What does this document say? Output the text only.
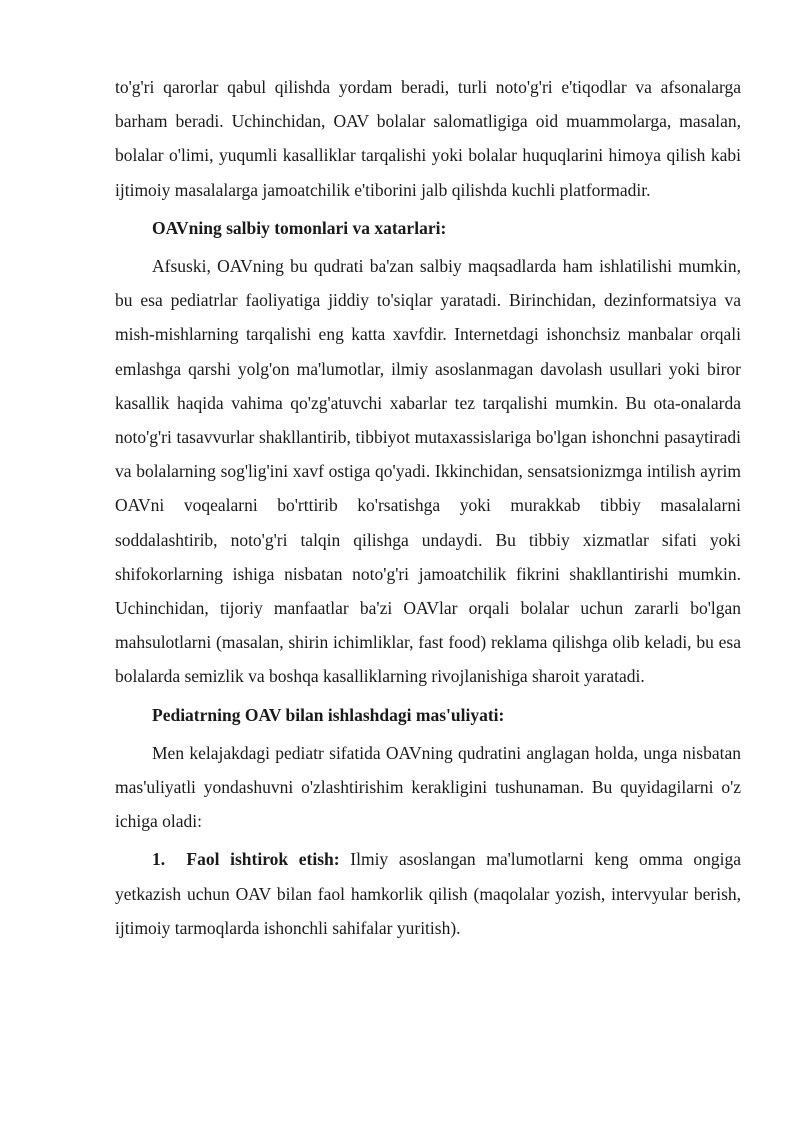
to'g'ri qarorlar qabul qilishda yordam beradi, turli noto'g'ri e'tiqodlar va afsonalarga barham beradi. Uchinchidan, OAV bolalar salomatligiga oid muammolarga, masalan, bolalar o'limi, yuqumli kasalliklar tarqalishi yoki bolalar huquqlarini himoya qilish kabi ijtimoiy masalalarga jamoatchilik e'tiborini jalb qilishda kuchli platformadir.

OAVning salbiy tomonlari va xatarlari:

Afsuski, OAVning bu qudrati ba'zan salbiy maqsadlarda ham ishlatilishi mumkin, bu esa pediatrlar faoliyatiga jiddiy to'siqlar yaratadi. Birinchidan, dezinformatsiya va mish-mishlarning tarqalishi eng katta xavfdir. Internetdagi ishonchsiz manbalar orqali emlashga qarshi yolg'on ma'lumotlar, ilmiy asoslanmagan davolash usullari yoki biror kasallik haqida vahima qo'zg'atuvchi xabarlar tez tarqalishi mumkin. Bu ota-onalarda noto'g'ri tasavvurlar shakllantirib, tibbiyot mutaxassislariga bo'lgan ishonchni pasaytiradi va bolalarning sog'lig'ini xavf ostiga qo'yadi. Ikkinchidan, sensatsionizmga intilish ayrim OAVni voqealarni bo'rttirib ko'rsatishga yoki murakkab tibbiy masalalarni soddalashtirib, noto'g'ri talqin qilishga undaydi. Bu tibbiy xizmatlar sifati yoki shifokorlarning ishiga nisbatan noto'g'ri jamoatchilik fikrini shakllantirishi mumkin. Uchinchidan, tijoriy manfaatlar ba'zi OAVlar orqali bolalar uchun zararli bo'lgan mahsulotlarni (masalan, shirin ichimliklar, fast food) reklama qilishga olib keladi, bu esa bolalarda semizlik va boshqa kasalliklarning rivojlanishiga sharoit yaratadi.

Pediatrning OAV bilan ishlashdagi mas'uliyati:

Men kelajakdagi pediatr sifatida OAVning qudratini anglagan holda, unga nisbatan mas'uliyatli yondashuvni o'zlashtirishim kerakligini tushunaman. Bu quyidagilarni o'z ichiga oladi:

1. Faol ishtirok etish: Ilmiy asoslangan ma'lumotlarni keng omma ongiga yetkazish uchun OAV bilan faol hamkorlik qilish (maqolalar yozish, intervyular berish, ijtimoiy tarmoqlarda ishonchli sahifalar yuritish).
